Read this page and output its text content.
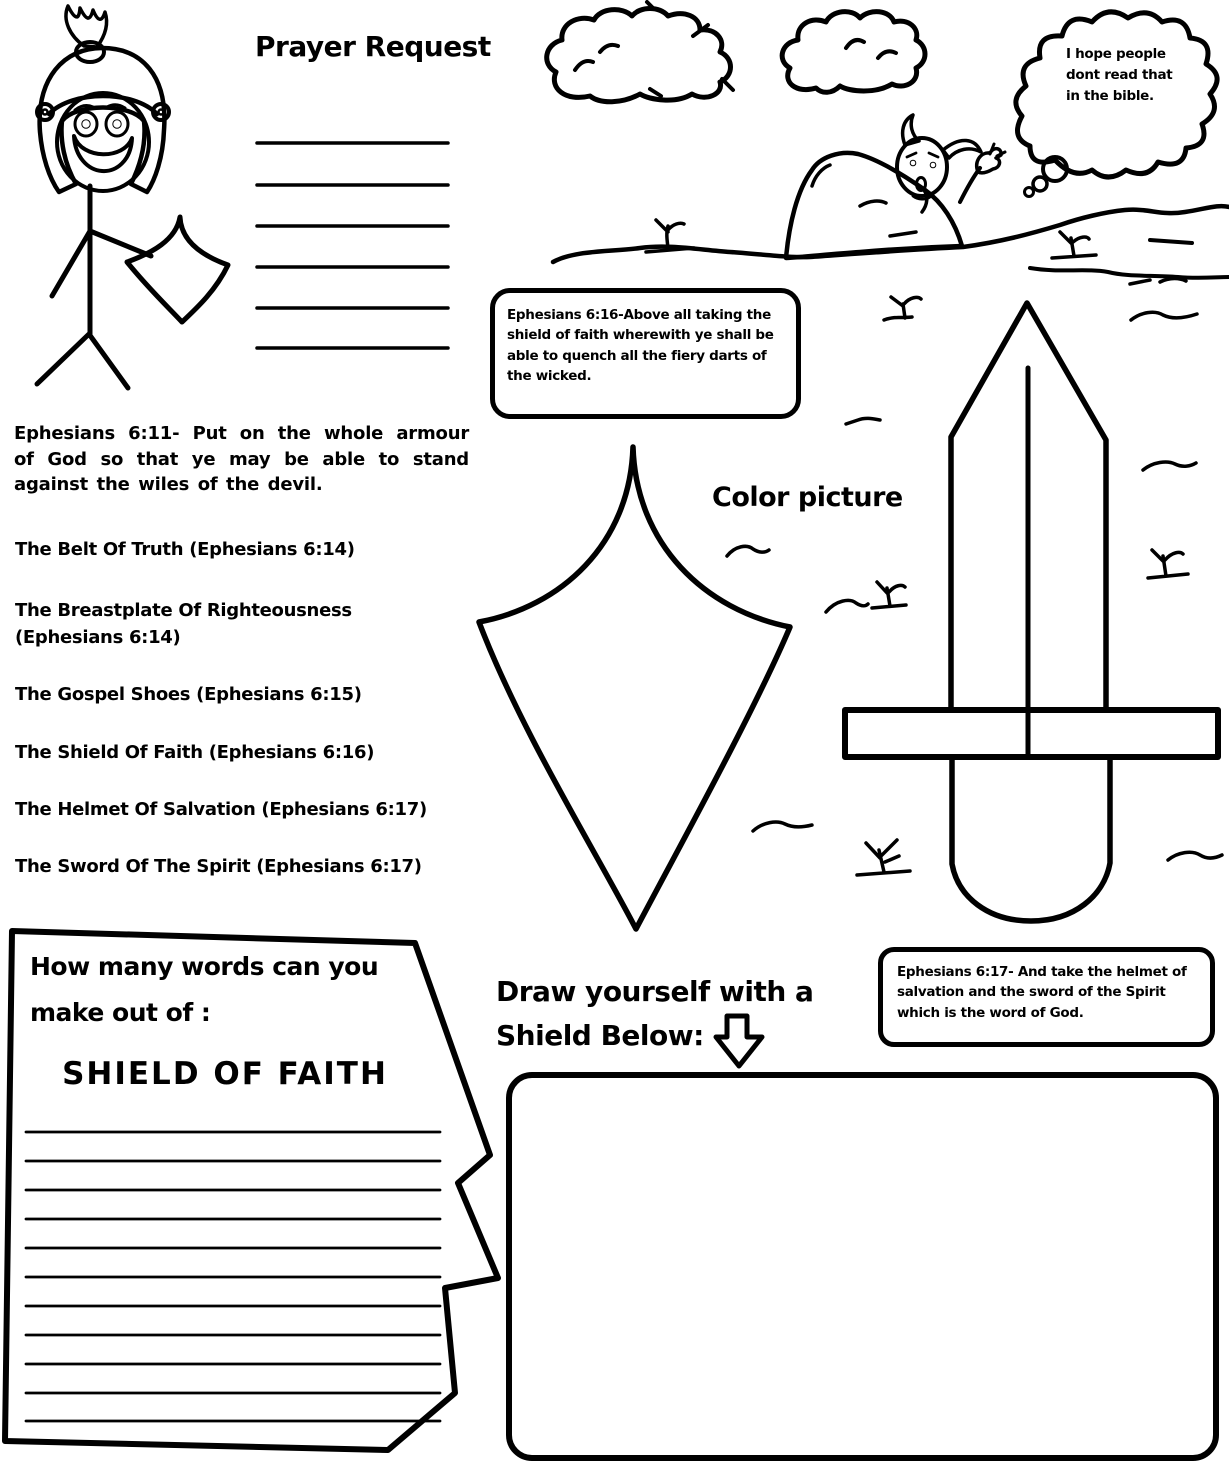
Prayer Request	I hope people dont read that in the bible.
Ephesians 6:16-Above all taking the shield of faith wherewith ye shall be able to quench all the fiery darts of the wicked.
Ephesians 6:11- Put on the whole armour of God so that ye may be able to stand against the wiles of the devil.
The Belt Of Truth (Ephesians 6:14)
The Breastplate Of Righteousness (Ephesians 6:14)
The Gospel Shoes (Ephesians 6:15)
The Shield Of Faith (Ephesians 6:16)
The Helmet Of Salvation (Ephesians 6:17)
The Sword Of The Spirit (Ephesians 6:17)
Color picture
How many words can you make out of :
SHIELD OF FAITH
Draw yourself with a
Shield Below:
Ephesians 6:17- And take the helmet of salvation and the sword of the Spirit which is the word of God.
